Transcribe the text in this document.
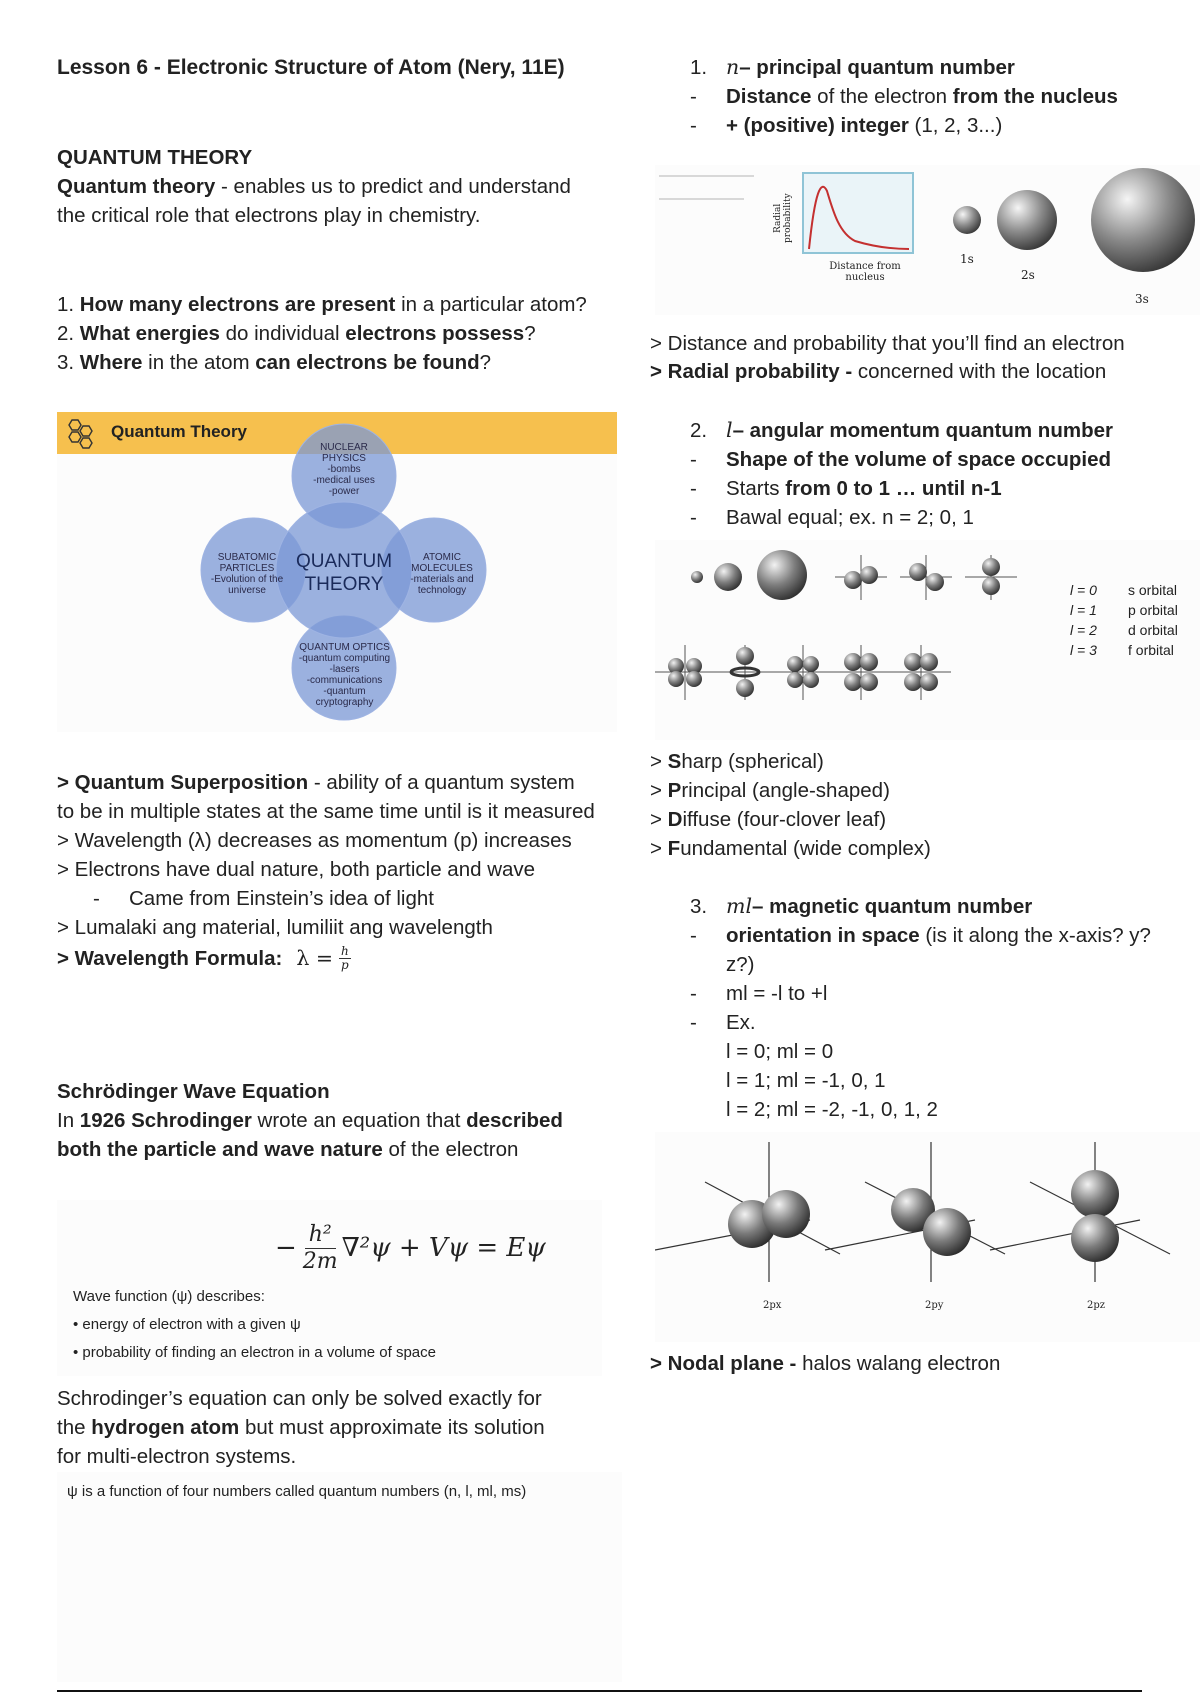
Lesson 6 - Electronic Structure of Atom (Nery, 11E)
QUANTUM THEORY
Quantum theory - enables us to predict and understand the critical role that electrons play in chemistry.
1. How many electrons are present in a particular atom?
2. What energies do individual electrons possess?
3. Where in the atom can electrons be found?
Quantum Theory
QUANTUM
THEORY
NUCLEAR
PHYSICS
-bombs
-medical uses
-power
SUBATOMIC
PARTICLES
-Evolution of the
universe
ATOMIC
MOLECULES
-materials and
technology
QUANTUM OPTICS
-quantum computing
-lasers
-communications
-quantum
cryptography
> Quantum Superposition - ability of a quantum system to be in multiple states at the same time until is it measured
> Wavelength (λ) decreases as momentum (p) increases
> Electrons have dual nature, both particle and wave
-	Came from Einstein’s idea of light
> Lumalaki ang material, lumiliit ang wavelength
> Wavelength Formula: $\lambda = \frac{h}{p}$
Schrödinger Wave Equation
In 1926 Schrodinger wrote an equation that described both the particle and wave nature of the electron
− $\frac{\text{h²}}{2m} \nabla^2\psi + V\psi = E\psi$
Wave function (ψ) describes:
• energy of electron with a given ψ
• probability of finding an electron in a volume of space
Schrodinger’s equation can only be solved exactly for the hydrogen atom but must approximate its solution for multi-electron systems.
ψ is a function of four numbers called quantum numbers (n, l, ml, ms)
1. n – principal quantum number
-	Distance of the electron from the nucleus
-	+ (positive) integer (1, 2, 3...)
Radial probability
Distance from nucleus
1s
2s
3s
> Distance and probability that you’ll find an electron
> Radial probability - concerned with the location
2. l – angular momentum quantum number
-	Shape of the volume of space occupied
-	Starts from 0 to 1 … until n-1
-	Bawal equal; ex. n = 2; 0, 1
l = 0	s orbital
l = 1	p orbital
l = 2	d orbital
l = 3	f orbital
> Sharp (spherical)
> Principal (angle-shaped)
> Diffuse (four-clover leaf)
> Fundamental (wide complex)
3. ml – magnetic quantum number
-	orientation in space (is it along the x-axis? y? z?)
-	ml = -l to +l
-	Ex.
l = 0; ml = 0
l = 1; ml = -1, 0, 1
l = 2; ml = -2, -1, 0, 1, 2
2px	2py	2pz
> Nodal plane - halos walang electron
